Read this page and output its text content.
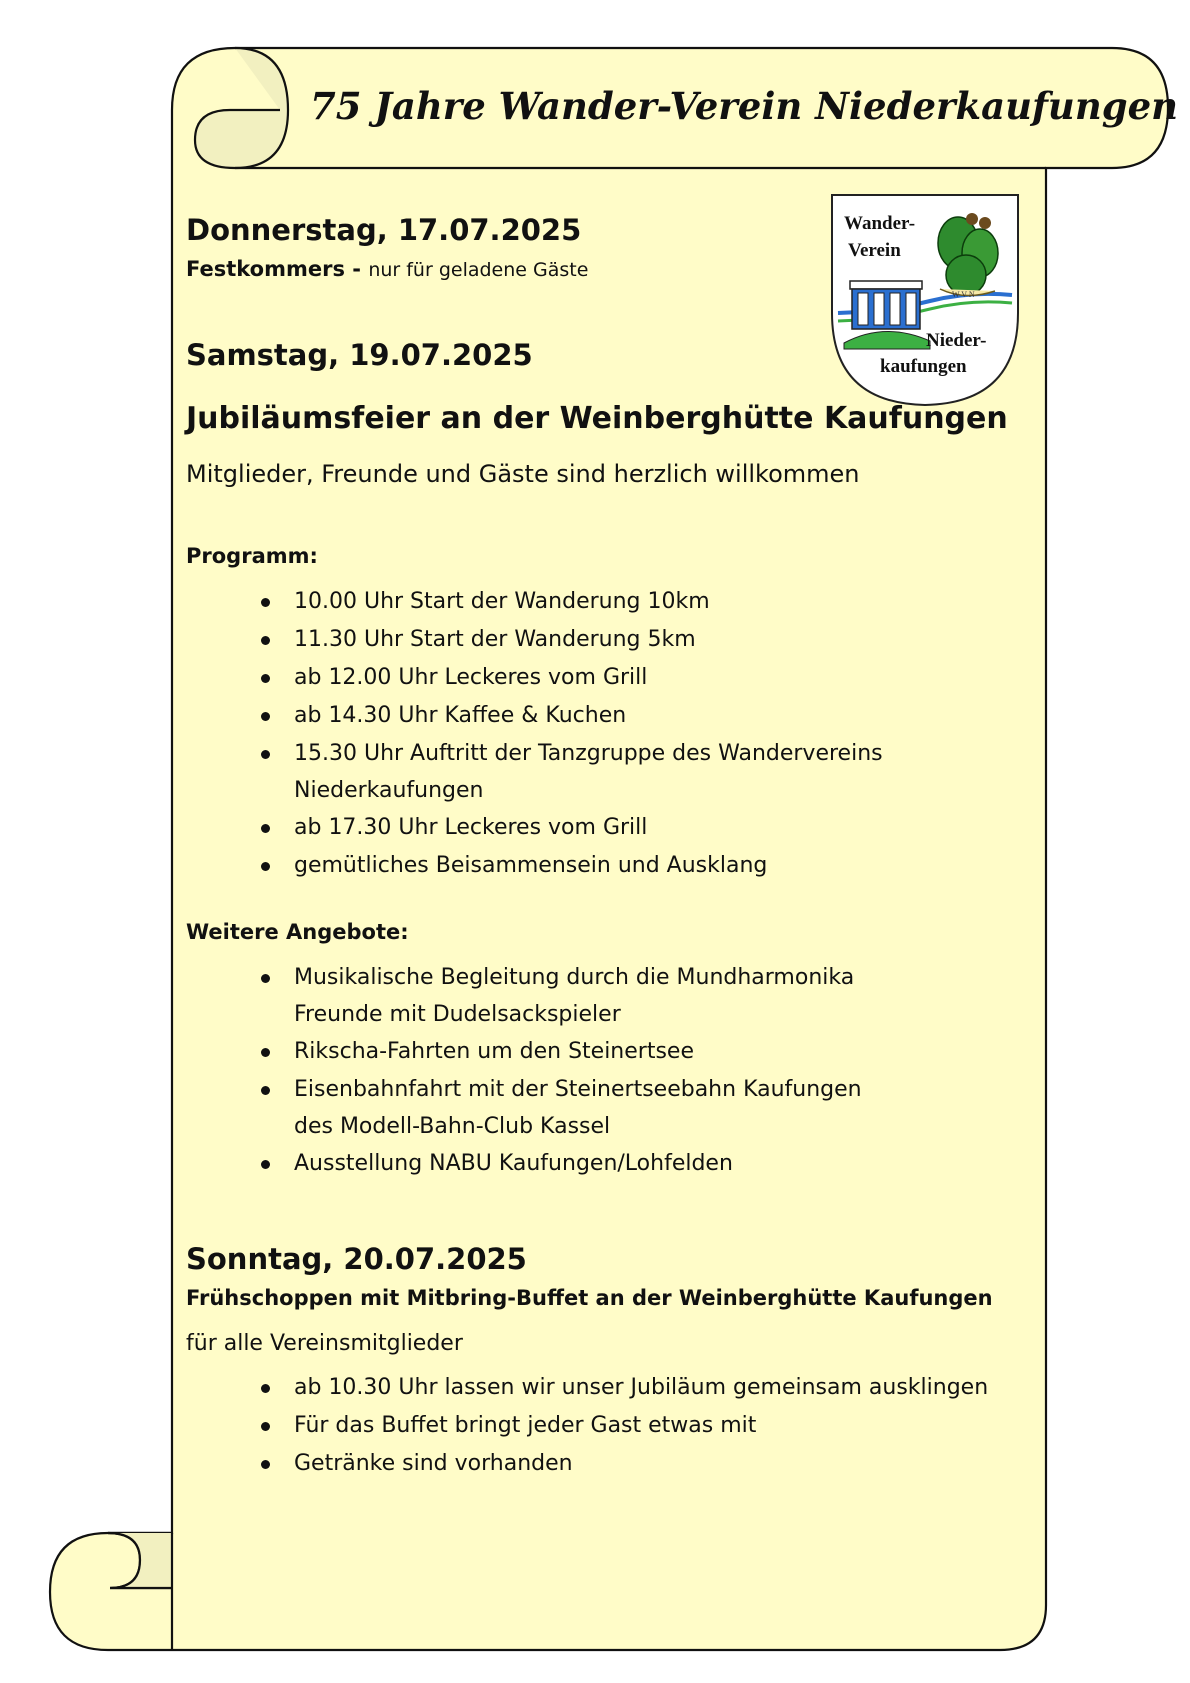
75 Jahre Wander-Verein Niederkaufungen
Wander-
Verein
W V N
Nieder-
kaufungen

Donnerstag, 17.07.2025

Festkommers - nur für geladene Gäste

Samstag, 19.07.2025

Jubiläumsfeier an der Weinberghütte Kaufungen

Mitglieder, Freunde und Gäste sind herzlich willkommen

Programm:

10.00 Uhr Start der Wanderung 10km
11.30 Uhr Start der Wanderung 5km
ab 12.00 Uhr Leckeres vom Grill
ab 14.30 Uhr Kaffee & Kuchen
15.30 Uhr Auftritt der Tanzgruppe des Wandervereins
Niederkaufungen
ab 17.30 Uhr Leckeres vom Grill
gemütliches Beisammensein und Ausklang

Weitere Angebote:

Musikalische Begleitung durch die Mundharmonika
Freunde mit Dudelsackspieler
Rikscha-Fahrten um den Steinertsee
Eisenbahnfahrt mit der Steinertseebahn Kaufungen
des Modell-Bahn-Club Kassel
Ausstellung NABU Kaufungen/Lohfelden

Sonntag, 20.07.2025

Frühschoppen mit Mitbring-Buffet an der Weinberghütte Kaufungen

für alle Vereinsmitglieder

ab 10.30 Uhr lassen wir unser Jubiläum gemeinsam ausklingen
Für das Buffet bringt jeder Gast etwas mit
Getränke sind vorhanden
